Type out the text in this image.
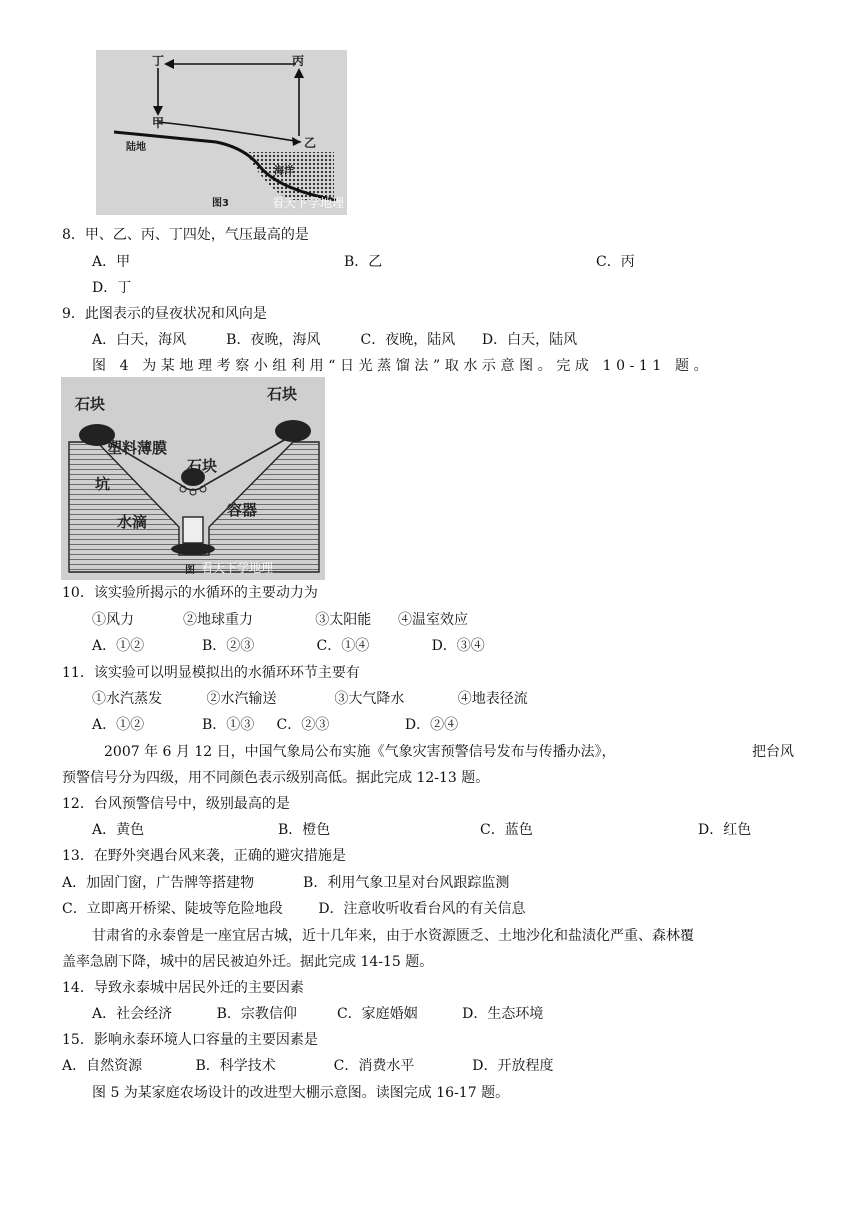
丁	丙
甲
乙
陆地
海洋
图3	看天下学地理
8．甲、乙、丙、丁四处，气压最高的是
A．甲	B．乙	C．丙
D．丁
9．此图表示的昼夜状况和风向是
A．白天，海风         B．夜晚，海风         C．夜晚，陆风      D．白天，陆风
图 4 为某地理考察小组利用“日光蒸馏法”取水示意图。完成 10-11 题。
石块
石块
塑料薄膜
石块
坑
水滴
容器
图 看天下学地理
10．该实验所揭示的水循环的主要动力为
①风力           ②地球重力              ③太阳能      ④温室效应
A．①②             B．②③              C．①④              D．③④
11．该实验可以明显模拟出的水循环环节主要有
①水汽蒸发          ②水汽输送             ③大气降水            ④地表径流
A．①②             B．①③     C．②③                 D．②④
2007 年 6 月 12 日，中国气象局公布实施《气象灾害预警信号发布与传播办法》，	把台风
预警信号分为四级，用不同颜色表示级别高低。据此完成 12-13 题。
12．台风预警信号中，级别最高的是
A．黄色	B．橙色	C．蓝色	D．红色
13．在野外突遇台风来袭，正确的避灾措施是
A．加固门窗，广告牌等搭建物           B．利用气象卫星对台风跟踪监测
C．立即离开桥梁、陡坡等危险地段        D．注意收听收看台风的有关信息
甘肃省的永泰曾是一座宜居古城，近十几年来，由于水资源匮乏、土地沙化和盐渍化严重、森林覆
盖率急剧下降，城中的居民被迫外迁。据此完成 14-15 题。
14．导致永泰城中居民外迁的主要因素
A．社会经济          B．宗教信仰         C．家庭婚姻          D．生态环境
15．影响永泰环境人口容量的主要因素是
A．自然资源            B．科学技术             C．消费水平             D．开放程度
图 5 为某家庭农场设计的改进型大棚示意图。读图完成 16-17 题。
